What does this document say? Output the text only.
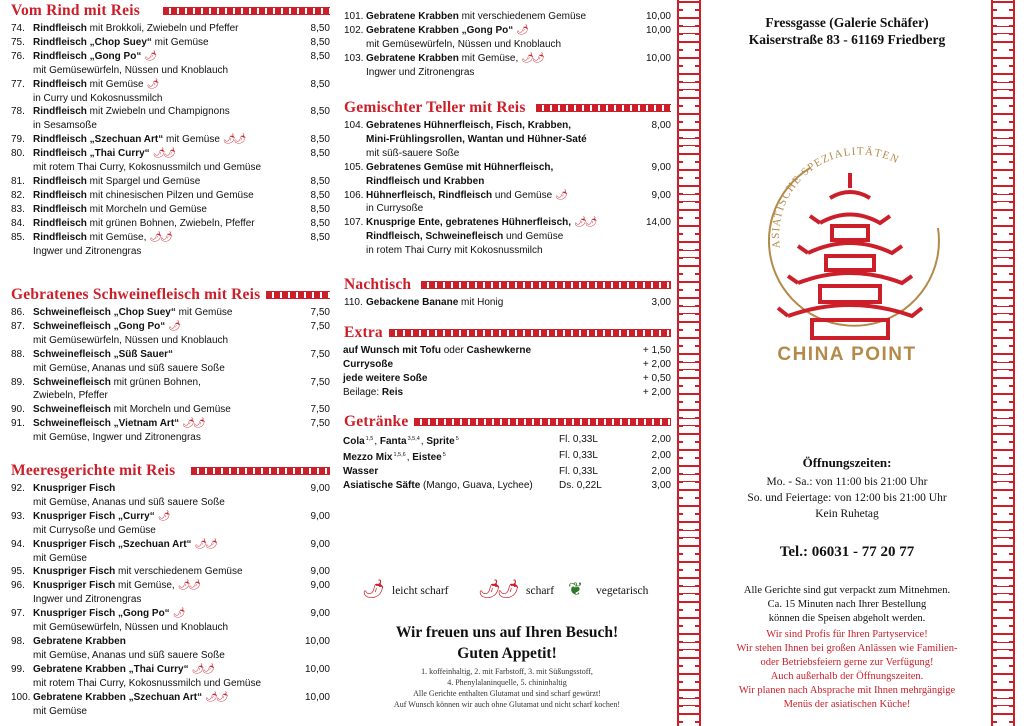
Vom Rind mit Reis
74. Rindfleisch mit Brokkoli, Zwiebeln und Pfeffer	8,50
75. Rindfleisch „Chop Suey“ mit Gemüse	8,50
76. Rindfleisch „Gong Po“ 🌶	8,50

mit Gemüsewürfeln, Nüssen und Knoblauch
77. Rindfleisch mit Gemüse 🌶	8,50

in Curry und Kokosnussmilch
78. Rindfleisch mit Zwiebeln und Champignons	8,50

in Sesamsoße
79. Rindfleisch „Szechuan Art“ mit Gemüse 🌶🌶	8,50
80. Rindfleisch „Thai Curry“ 🌶🌶	8,50

mit rotem Thai Curry, Kokosnussmilch und Gemüse
81. Rindfleisch mit Spargel und Gemüse	8,50
82. Rindfleisch mit chinesischen Pilzen und Gemüse	8,50
83. Rindfleisch mit Morcheln und Gemüse	8,50
84. Rindfleisch mit grünen Bohnen, Zwiebeln, Pfeffer	8,50
85. Rindfleisch mit Gemüse, 🌶🌶	8,50

Ingwer und Zitronengras
Gebratenes Schweinefleisch mit Reis
86. Schweinefleisch „Chop Suey“ mit Gemüse	7,50
87. Schweinefleisch „Gong Po“ 🌶	7,50

mit Gemüsewürfeln, Nüssen und Knoblauch
88. Schweinefleisch „Süß Sauer“	7,50

mit Gemüse, Ananas und süß sauere Soße
89. Schweinefleisch mit grünen Bohnen,	7,50

Zwiebeln, Pfeffer
90. Schweinefleisch mit Morcheln und Gemüse	7,50
91. Schweinefleisch „Vietnam Art“ 🌶🌶	7,50

mit Gemüse, Ingwer und Zitronengras
Meeresgerichte mit Reis
92. Knuspriger Fisch	9,00

mit Gemüse, Ananas und süß sauere Soße
93. Knuspriger Fisch „Curry“ 🌶	9,00

mit Currysoße und Gemüse
94. Knuspriger Fisch „Szechuan Art“ 🌶🌶	9,00

mit Gemüse
95. Knuspriger Fisch mit verschiedenem Gemüse	9,00
96. Knuspriger Fisch mit Gemüse, 🌶🌶	9,00

Ingwer und Zitronengras
97. Knuspriger Fisch „Gong Po“ 🌶	9,00

mit Gemüsewürfeln, Nüssen und Knoblauch
98. Gebratene Krabben	10,00

mit Gemüse, Ananas und süß sauere Soße
99. Gebratene Krabben „Thai Curry“ 🌶🌶	10,00

mit rotem Thai Curry, Kokosnussmilch und Gemüse
100. Gebratene Krabben „Szechuan Art“ 🌶🌶	10,00

mit Gemüse
101. Gebratene Krabben mit verschiedenem Gemüse	10,00
102. Gebratene Krabben „Gong Po“ 🌶	10,00

mit Gemüsewürfeln, Nüssen und Knoblauch
103. Gebratene Krabben mit Gemüse, 🌶🌶	10,00

Ingwer und Zitronengras
Gemischter Teller mit Reis
104. Gebratenes Hühnerfleisch, Fisch, Krabben,	8,00

Mini-Frühlingsrollen, Wantan und Hühner-Saté
mit süß-sauere Soße
105. Gebratenes Gemüse mit Hühnerfleisch,	9,00

Rindfleisch und Krabben
106. Hühnerfleisch, Rindfleisch und Gemüse 🌶	9,00

in Currysoße
107. Knusprige Ente, gebratenes Hühnerfleisch, 🌶🌶	14,00

Rindfleisch, Schweinefleisch und Gemüse
in rotem Thai Curry mit Kokosnussmilch
Nachtisch
110. Gebackene Banane mit Honig	3,00
Extra
auf Wunsch mit Tofu oder Cashewkerne	+ 1,50
Currysoße	+ 2,00
jede weitere Soße	+ 0,50
Beilage: Reis	+ 2,00
Getränke
Cola$^{1,5}$, Fanta$^{3,5,4}$, Sprite$^5$	Fl. 0,33L	2,00
Mezzo Mix$^{1,5,6}$, Eistee$^5$	Fl. 0,33L	2,00
Wasser	Fl. 0,33L	2,00
Asiatische Säfte (Mango, Guava, Lychee)	Ds. 0,22L	3,00
🌶 leicht scharf 🌶🌶 scharf ❦ vegetarisch
Wir freuen uns auf Ihren Besuch!
Guten Appetit!
1. koffeinhaltig, 2. mit Farbstoff, 3. mit Süßungsstoff,
4. Phenylalaninquelle, 5. chininhaltig
Alle Gerichte enthalten Glutamat und sind scharf gewürzt!
Auf Wunsch können wir auch ohne Glutamat und nicht scharf kochen!
Fressgasse (Galerie Schäfer)
Kaiserstraße 83 - 61169 Friedberg
ASIATISCHE SPEZIALITÄTEN
CHINA POINT
Öffnungszeiten:
Mo. - Sa.: von 11:00 bis 21:00 Uhr
So. und Feiertage: von 12:00 bis 21:00 Uhr
Kein Ruhetag
Tel.: 06031 - 77 20 77
Alle Gerichte sind gut verpackt zum Mitnehmen.
Ca. 15 Minuten nach Ihrer Bestellung
können die Speisen abgeholt werden.
Wir sind Profis für Ihren Partyservice!
Wir stehen Ihnen bei großen Anlässen wie Familien-
oder Betriebsfeiern gerne zur Verfügung!
Auch außerhalb der Öffnungszeiten.
Wir planen nach Absprache mit Ihnen mehrgängige
Menüs der asiatischen Küche!
